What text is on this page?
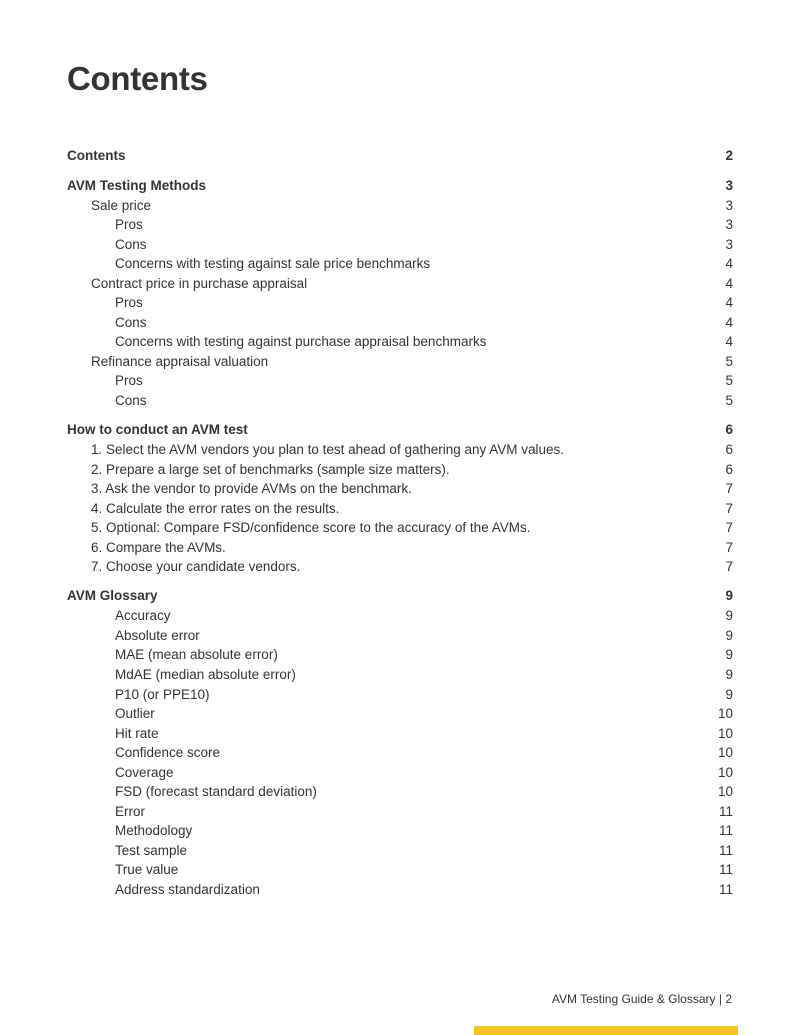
Contents
Contents	2
AVM Testing Methods	3
Sale price	3
Pros	3
Cons	3
Concerns with testing against sale price benchmarks	4
Contract price in purchase appraisal	4
Pros	4
Cons	4
Concerns with testing against purchase appraisal benchmarks	4
Refinance appraisal valuation	5
Pros	5
Cons	5
How to conduct an AVM test	6
1. Select the AVM vendors you plan to test ahead of gathering any AVM values.	6
2. Prepare a large set of benchmarks (sample size matters).	6
3. Ask the vendor to provide AVMs on the benchmark.	7
4. Calculate the error rates on the results.	7
5. Optional: Compare FSD/confidence score to the accuracy of the AVMs.	7
6. Compare the AVMs.	7
7. Choose your candidate vendors.	7
AVM Glossary	9
Accuracy	9
Absolute error	9
MAE (mean absolute error)	9
MdAE (median absolute error)	9
P10 (or PPE10)	9
Outlier	10
Hit rate	10
Confidence score	10
Coverage	10
FSD (forecast standard deviation)	10
Error	11
Methodology	11
Test sample	11
True value	11
Address standardization	11
AVM Testing Guide & Glossary | 2
